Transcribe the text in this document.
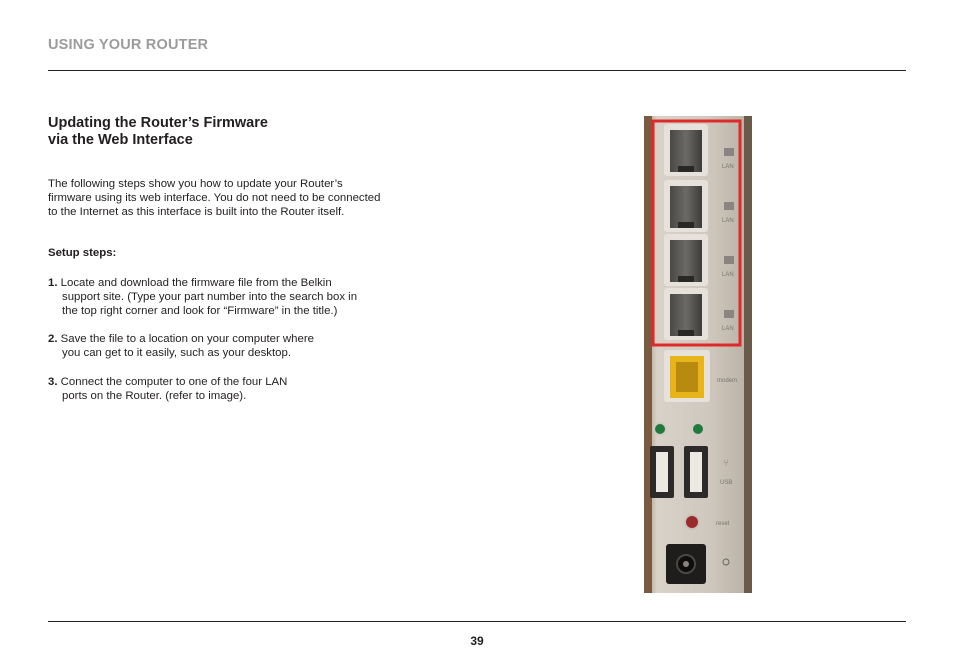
USING YOUR ROUTER
Updating the Router’s Firmware
via the Web Interface
The following steps show you how to update your Router’s
firmware using its web interface. You do not need to be connected
to the Internet as this interface is built into the Router itself.
Setup steps:
1. Locate and download the firmware file from the Belkin
support site. (Type your part number into the search box in
the top right corner and look for “Firmware” in the title.)
2. Save the file to a location on your computer where
you can get to it easily, such as your desktop.
3. Connect the computer to one of the four LAN
ports on the Router. (refer to image).
LAN
LAN
LAN
LAN
modem
⑂
USB
reset
39
